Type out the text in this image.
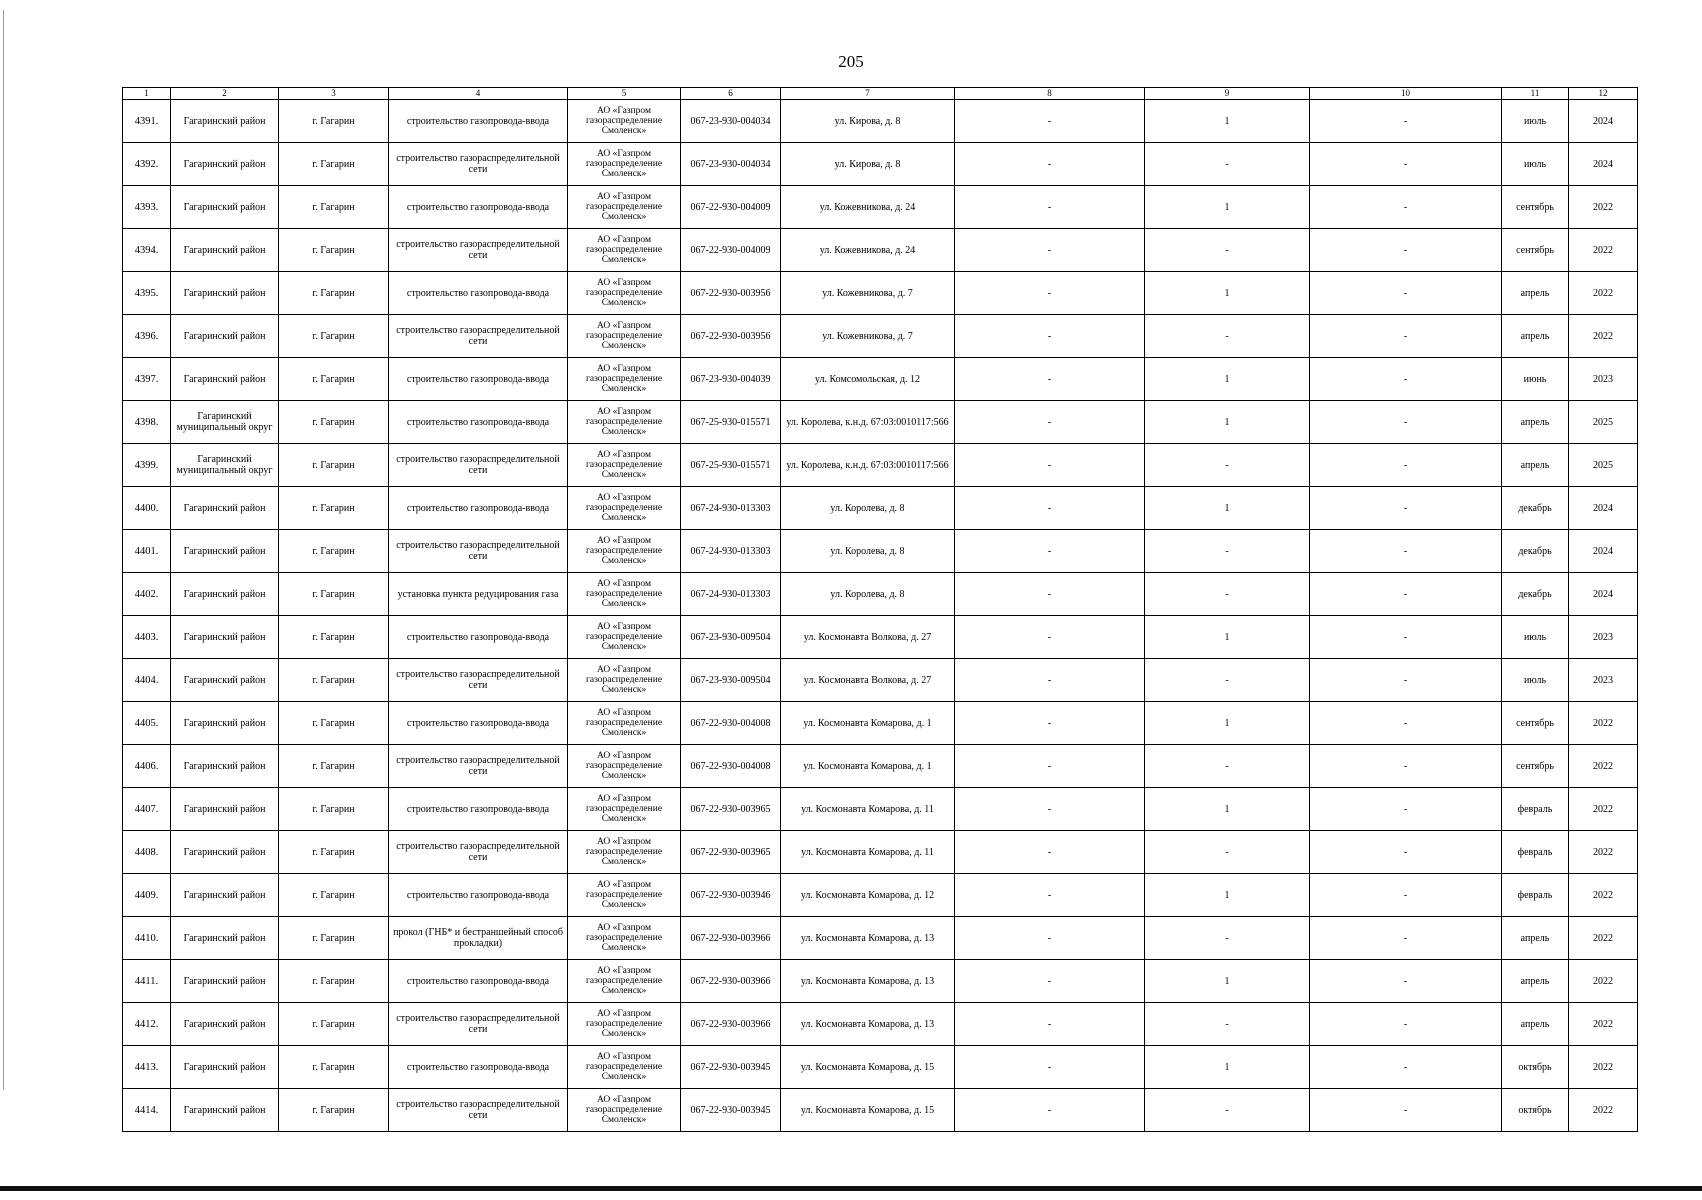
205
1	2	3	4	5	6	7	8	9	10	11	12
4391.	Гагаринский район	г. Гагарин	строительство газопровода-ввода	АО «Газпром газораспределение Смоленск»	067-23-930-004034	ул. Кирова, д. 8	-	1	-	июль	2024
4392.	Гагаринский район	г. Гагарин	строительство газораспределительной сети	АО «Газпром газораспределение Смоленск»	067-23-930-004034	ул. Кирова, д. 8	-	-	-	июль	2024
4393.	Гагаринский район	г. Гагарин	строительство газопровода-ввода	АО «Газпром газораспределение Смоленск»	067-22-930-004009	ул. Кожевникова, д. 24	-	1	-	сентябрь	2022
4394.	Гагаринский район	г. Гагарин	строительство газораспределительной сети	АО «Газпром газораспределение Смоленск»	067-22-930-004009	ул. Кожевникова, д. 24	-	-	-	сентябрь	2022
4395.	Гагаринский район	г. Гагарин	строительство газопровода-ввода	АО «Газпром газораспределение Смоленск»	067-22-930-003956	ул. Кожевникова, д. 7	-	1	-	апрель	2022
4396.	Гагаринский район	г. Гагарин	строительство газораспределительной сети	АО «Газпром газораспределение Смоленск»	067-22-930-003956	ул. Кожевникова, д. 7	-	-	-	апрель	2022
4397.	Гагаринский район	г. Гагарин	строительство газопровода-ввода	АО «Газпром газораспределение Смоленск»	067-23-930-004039	ул. Комсомольская, д. 12	-	1	-	июнь	2023
4398.	Гагаринский муниципальный округ	г. Гагарин	строительство газопровода-ввода	АО «Газпром газораспределение Смоленск»	067-25-930-015571	ул. Королева, к.н.д. 67:03:0010117:566	-	1	-	апрель	2025
4399.	Гагаринский муниципальный округ	г. Гагарин	строительство газораспределительной сети	АО «Газпром газораспределение Смоленск»	067-25-930-015571	ул. Королева, к.н.д. 67:03:0010117:566	-	-	-	апрель	2025
4400.	Гагаринский район	г. Гагарин	строительство газопровода-ввода	АО «Газпром газораспределение Смоленск»	067-24-930-013303	ул. Королева, д. 8	-	1	-	декабрь	2024
4401.	Гагаринский район	г. Гагарин	строительство газораспределительной сети	АО «Газпром газораспределение Смоленск»	067-24-930-013303	ул. Королева, д. 8	-	-	-	декабрь	2024
4402.	Гагаринский район	г. Гагарин	установка пункта редуцирования газа	АО «Газпром газораспределение Смоленск»	067-24-930-013303	ул. Королева, д. 8	-	-	-	декабрь	2024
4403.	Гагаринский район	г. Гагарин	строительство газопровода-ввода	АО «Газпром газораспределение Смоленск»	067-23-930-009504	ул. Космонавта Волкова, д. 27	-	1	-	июль	2023
4404.	Гагаринский район	г. Гагарин	строительство газораспределительной сети	АО «Газпром газораспределение Смоленск»	067-23-930-009504	ул. Космонавта Волкова, д. 27	-	-	-	июль	2023
4405.	Гагаринский район	г. Гагарин	строительство газопровода-ввода	АО «Газпром газораспределение Смоленск»	067-22-930-004008	ул. Космонавта Комарова, д. 1	-	1	-	сентябрь	2022
4406.	Гагаринский район	г. Гагарин	строительство газораспределительной сети	АО «Газпром газораспределение Смоленск»	067-22-930-004008	ул. Космонавта Комарова, д. 1	-	-	-	сентябрь	2022
4407.	Гагаринский район	г. Гагарин	строительство газопровода-ввода	АО «Газпром газораспределение Смоленск»	067-22-930-003965	ул. Космонавта Комарова, д. 11	-	1	-	февраль	2022
4408.	Гагаринский район	г. Гагарин	строительство газораспределительной сети	АО «Газпром газораспределение Смоленск»	067-22-930-003965	ул. Космонавта Комарова, д. 11	-	-	-	февраль	2022
4409.	Гагаринский район	г. Гагарин	строительство газопровода-ввода	АО «Газпром газораспределение Смоленск»	067-22-930-003946	ул. Космонавта Комарова, д. 12	-	1	-	февраль	2022
4410.	Гагаринский район	г. Гагарин	прокол (ГНБ* и бестраншейный способ прокладки)	АО «Газпром газораспределение Смоленск»	067-22-930-003966	ул. Космонавта Комарова, д. 13	-	-	-	апрель	2022
4411.	Гагаринский район	г. Гагарин	строительство газопровода-ввода	АО «Газпром газораспределение Смоленск»	067-22-930-003966	ул. Космонавта Комарова, д. 13	-	1	-	апрель	2022
4412.	Гагаринский район	г. Гагарин	строительство газораспределительной сети	АО «Газпром газораспределение Смоленск»	067-22-930-003966	ул. Космонавта Комарова, д. 13	-	-	-	апрель	2022
4413.	Гагаринский район	г. Гагарин	строительство газопровода-ввода	АО «Газпром газораспределение Смоленск»	067-22-930-003945	ул. Космонавта Комарова, д. 15	-	1	-	октябрь	2022
4414.	Гагаринский район	г. Гагарин	строительство газораспределительной сети	АО «Газпром газораспределение Смоленск»	067-22-930-003945	ул. Космонавта Комарова, д. 15	-	-	-	октябрь	2022
